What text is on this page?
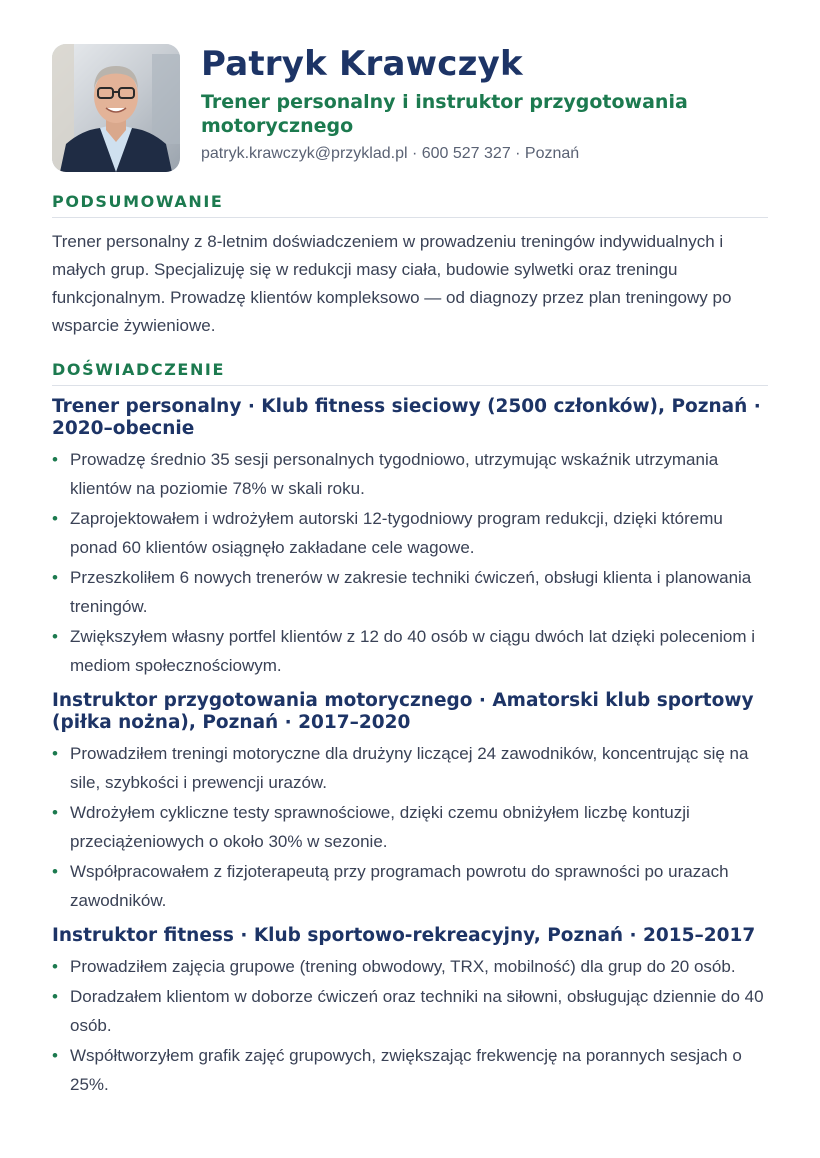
Patryk Krawczyk
Trener personalny i instruktor przygotowania motorycznego
patryk.krawczyk@przyklad.pl · 600 527 327 · Poznań
PODSUMOWANIE

Trener personalny z 8-letnim doświadczeniem w prowadzeniu treningów indywidualnych i małych grup. Specjalizuję się w redukcji masy ciała, budowie sylwetki oraz treningu funkcjonalnym. Prowadzę klientów kompleksowo — od diagnozy przez plan treningowy po wsparcie żywieniowe.

DOŚWIADCZENIE
Trener personalny · Klub fitness sieciowy (2500 członków), Poznań · 2020–obecnie
• Prowadzę średnio 35 sesji personalnych tygodniowo, utrzymując wskaźnik utrzymania klientów na poziomie 78% w skali roku.
• Zaprojektowałem i wdrożyłem autorski 12-tygodniowy program redukcji, dzięki któremu ponad 60 klientów osiągnęło zakładane cele wagowe.
• Przeszkoliłem 6 nowych trenerów w zakresie techniki ćwiczeń, obsługi klienta i planowania treningów.
• Zwiększyłem własny portfel klientów z 12 do 40 osób w ciągu dwóch lat dzięki poleceniom i mediom społecznościowym.
Instruktor przygotowania motorycznego · Amatorski klub sportowy (piłka nożna), Poznań · 2017–2020
• Prowadziłem treningi motoryczne dla drużyny liczącej 24 zawodników, koncentrując się na sile, szybkości i prewencji urazów.
• Wdrożyłem cykliczne testy sprawnościowe, dzięki czemu obniżyłem liczbę kontuzji przeciążeniowych o około 30% w sezonie.
• Współpracowałem z fizjoterapeutą przy programach powrotu do sprawności po urazach zawodników.
Instruktor fitness · Klub sportowo-rekreacyjny, Poznań · 2015–2017
• Prowadziłem zajęcia grupowe (trening obwodowy, TRX, mobilność) dla grup do 20 osób.
• Doradzałem klientom w doborze ćwiczeń oraz techniki na siłowni, obsługując dziennie do 40 osób.
• Współtworzyłem grafik zajęć grupowych, zwiększając frekwencję na porannych sesjach o 25%.
